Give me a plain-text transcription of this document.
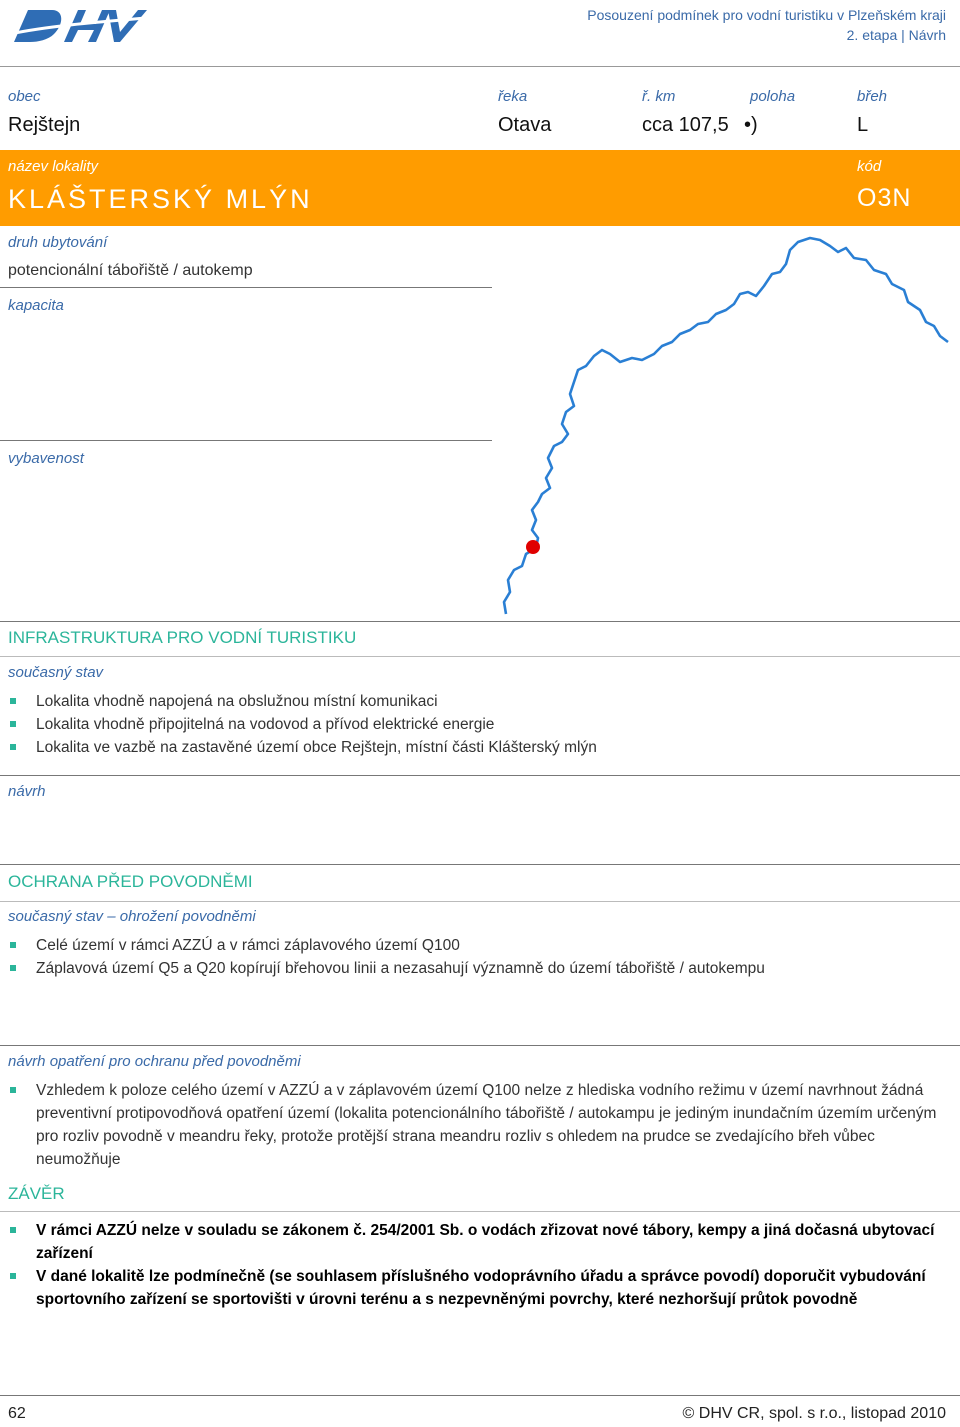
Posouzení podmínek pro vodní turistiku v Plzeňském kraji
2. etapa | Návrh
obec
Rejštejn
řeka
Otava
ř. km
cca 107,5
poloha
•)
břeh
L
název lokality
KLÁŠTERSKÝ MLÝN
kód
O3N
druh ubytování
potencionální tábořiště / autokemp
kapacita
vybavenost
INFRASTRUKTURA PRO VODNÍ TURISTIKU
současný stav
Lokalita vhodně napojená na obslužnou místní komunikaci
Lokalita vhodně připojitelná na vodovod a přívod elektrické energie
Lokalita ve vazbě na zastavěné území obce Rejštejn, místní části Klášterský mlýn
návrh
OCHRANA PŘED POVODNĚMI
současný stav – ohrožení povodněmi
Celé území v rámci AZZÚ a v rámci záplavového území Q100
Záplavová území Q5 a Q20 kopírují břehovou linii a nezasahují významně do území tábořiště / autokempu
návrh opatření pro ochranu před povodněmi
Vzhledem k poloze celého území v AZZÚ a v záplavovém území Q100 nelze z hlediska vodního režimu v území navrhnout žádná preventivní protipovodňová opatření území (lokalita potencionálního tábořiště / autokampu je jediným inundačním územím určeným pro rozliv povodně v meandru řeky, protože protější strana meandru rozliv s ohledem na prudce se zvedajícího břeh vůbec neumožňuje
ZÁVĚR
V rámci AZZÚ nelze v souladu se zákonem č. 254/2001 Sb. o vodách zřizovat nové tábory, kempy a jiná dočasná ubytovací zařízení
V dané lokalitě lze podmínečně (se souhlasem příslušného vodoprávního úřadu a správce povodí) doporučit vybudování sportovního zařízení se sportovišti v úrovni terénu a s nezpevněnými povrchy, které nezhoršují průtok povodně
62	© DHV CR, spol. s r.o., listopad 2010
